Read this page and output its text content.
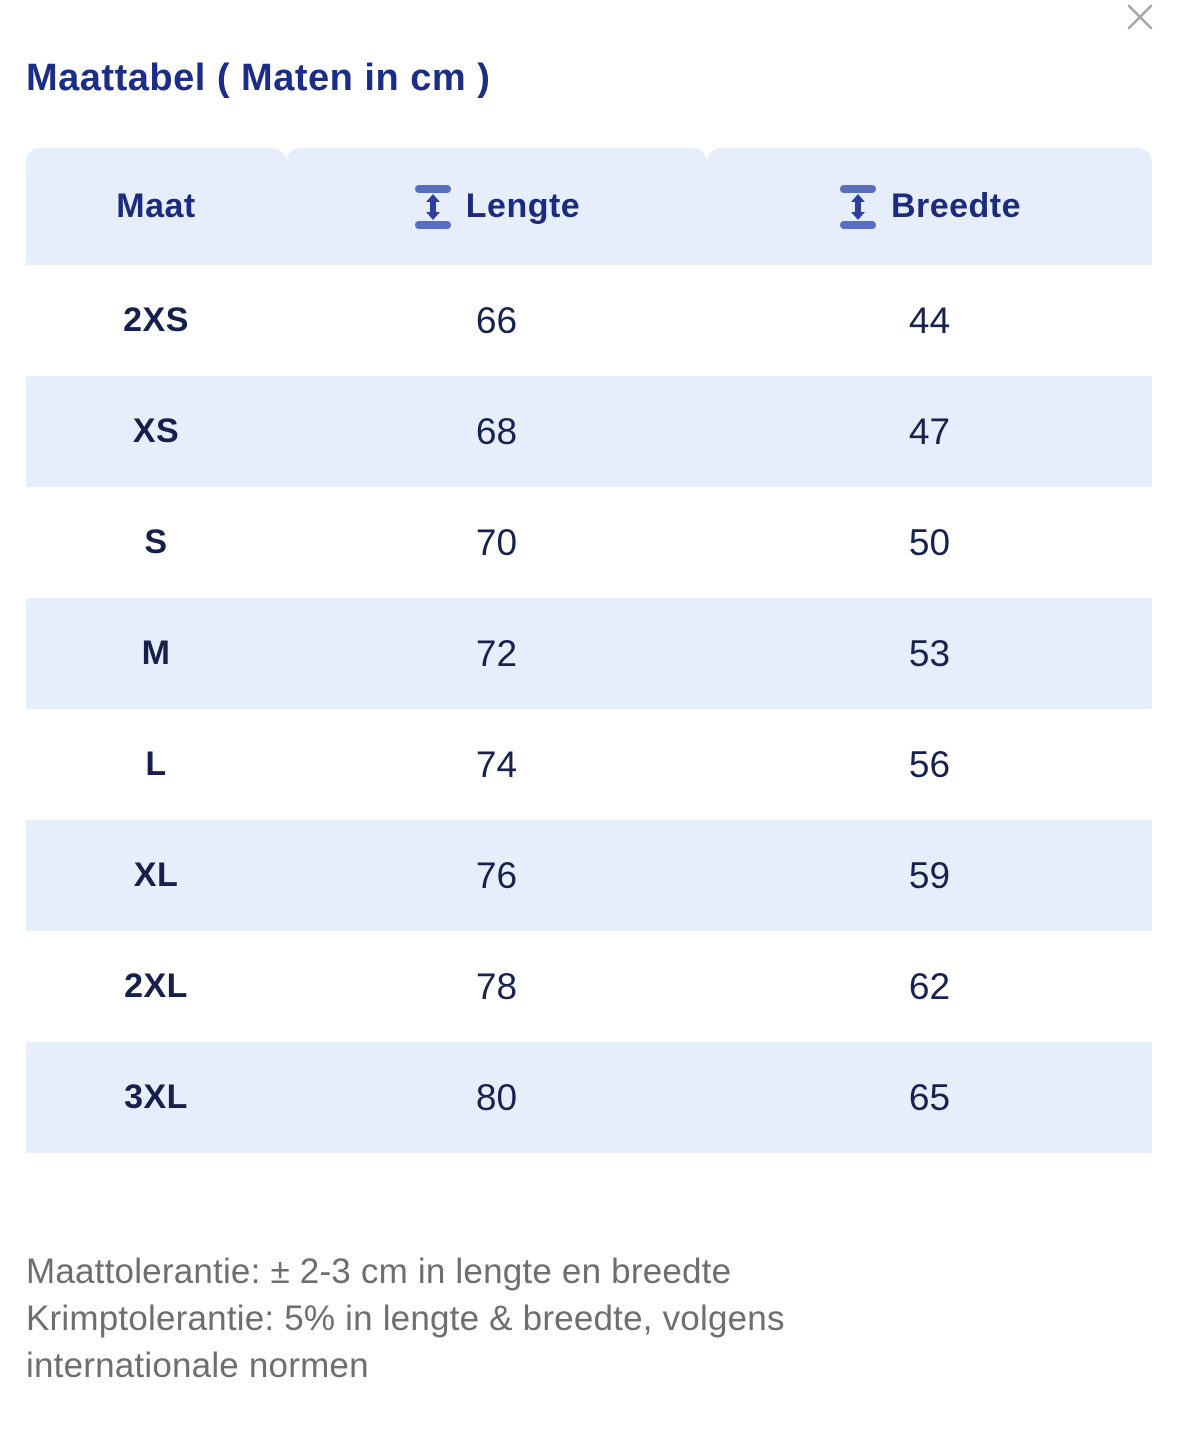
Maattabel ( Maten in cm )
Maat	Lengte	Breedte
2XS	66	44
XS	68	47
S	70	50
M	72	53
L	74	56
XL	76	59
2XL	78	62
3XL	80	65
Maattolerantie: ± 2-3 cm in lengte en breedte
Krimptolerantie: 5% in lengte & breedte, volgens
internationale normen
